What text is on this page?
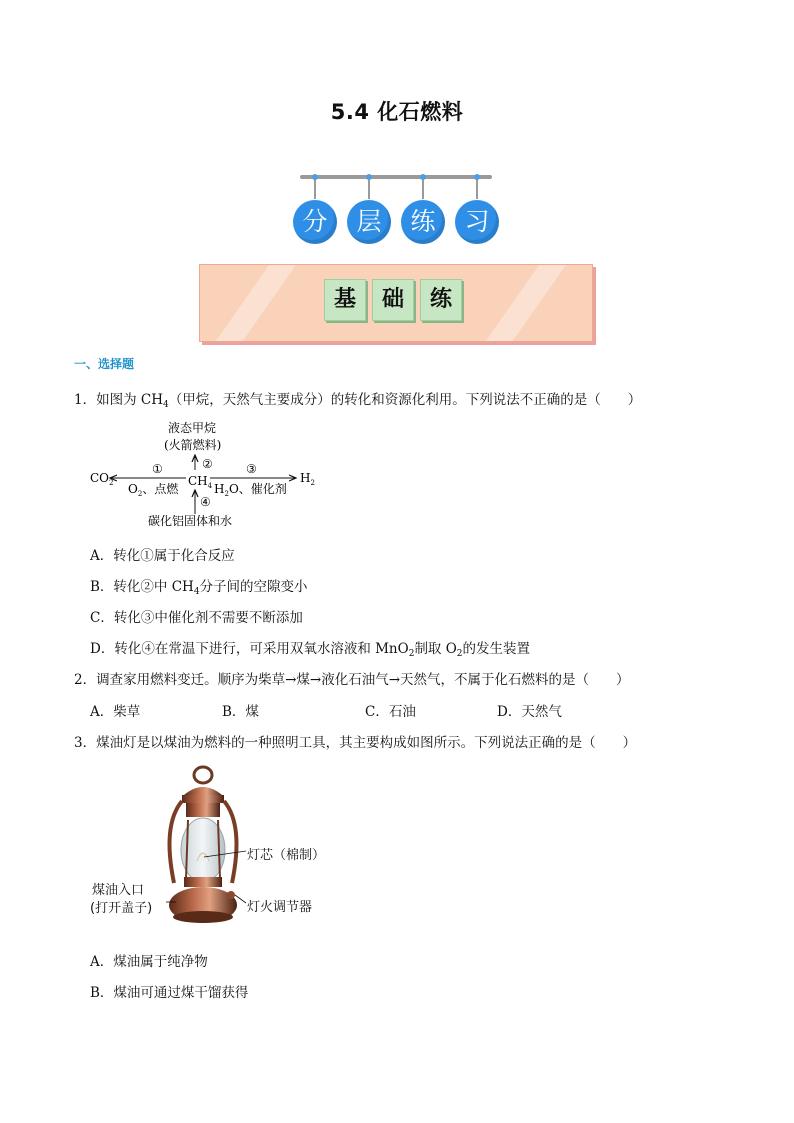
5.4 化石燃料
分	层	练	习
基	础	练
一、选择题
1．如图为 $CH_4$（甲烷，天然气主要成分）的转化和资源化利用。下列说法不正确的是（　　）
液态甲烷
(火箭燃料)
②
①	③
$CO_2$	$CH_4$
$H_2$
$O_2$、点燃	$H_2O$、催化剂
④
碳化铝固体和水
A．转化①属于化合反应
B．转化②中 $CH_4$分子间的空隙变小
C．转化③中催化剂不需要不断添加
D．转化④在常温下进行，可采用双氧水溶液和 MnO$_2$制取 $O_2$的发生装置
2．调查家用燃料变迁。顺序为柴草→煤→液化石油气→天然气，不属于化石燃料的是（　　）
A．柴草	B．煤	C．石油	D．天然气
3．煤油灯是以煤油为燃料的一种照明工具，其主要构成如图所示。下列说法正确的是（　　）
灯芯（棉制）
煤油入口
(打开盖子)	灯火调节器
A．煤油属于纯净物
B．煤油可通过煤干馏获得
